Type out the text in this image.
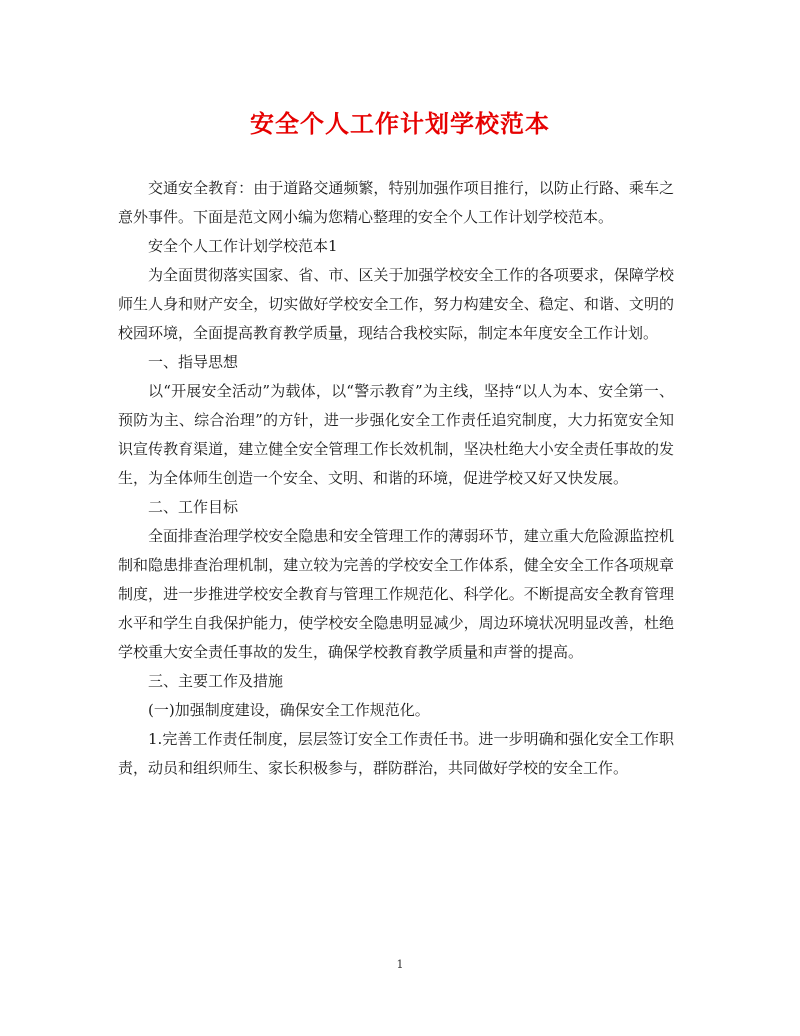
安全个人工作计划学校范本

交通安全教育：由于道路交通频繁，特别加强作项目推行，以防止行路、乘车之意外事件。下面是范文网小编为您精心整理的安全个人工作计划学校范本。

安全个人工作计划学校范本1

为全面贯彻落实国家、省、市、区关于加强学校安全工作的各项要求，保障学校师生人身和财产安全，切实做好学校安全工作，努力构建安全、稳定、和谐、文明的校园环境，全面提高教育教学质量，现结合我校实际，制定本年度安全工作计划。

一、指导思想

以“开展安全活动”为载体，以“警示教育”为主线，坚持“以人为本、安全第一、预防为主、综合治理”的方针，进一步强化安全工作责任追究制度，大力拓宽安全知识宣传教育渠道，建立健全安全管理工作长效机制，坚决杜绝大小安全责任事故的发生，为全体师生创造一个安全、文明、和谐的环境，促进学校又好又快发展。

二、工作目标

全面排查治理学校安全隐患和安全管理工作的薄弱环节，建立重大危险源监控机制和隐患排查治理机制，建立较为完善的学校安全工作体系，健全安全工作各项规章制度，进一步推进学校安全教育与管理工作规范化、科学化。不断提高安全教育管理水平和学生自我保护能力，使学校安全隐患明显减少，周边环境状况明显改善，杜绝学校重大安全责任事故的发生，确保学校教育教学质量和声誉的提高。

三、主要工作及措施

(一)加强制度建设，确保安全工作规范化。

1.完善工作责任制度，层层签订安全工作责任书。进一步明确和强化安全工作职责，动员和组织师生、家长积极参与，群防群治，共同做好学校的安全工作。

1
